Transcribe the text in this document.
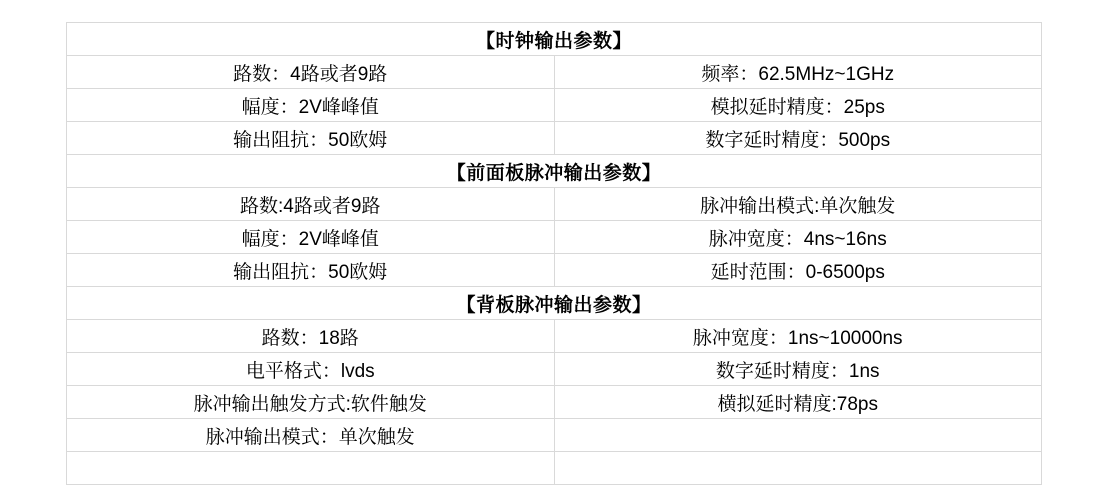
【时钟输出参数】	
路数：4路或者9路	频率：62.5MHz~1GHz
幅度：2V峰峰值	模拟延时精度：25ps
输出阻抗：50欧姆	数字延时精度：500ps
【前面板脉冲输出参数】	
路数:4路或者9路	脉冲输出模式:单次触发
幅度：2V峰峰值	脉冲宽度：4ns~16ns
输出阻抗：50欧姆	延时范围：0-6500ps
【背板脉冲输出参数】	
路数：18路	脉冲宽度：1ns~10000ns
电平格式：lvds	数字延时精度：1ns
脉冲输出触发方式:软件触发	横拟延时精度:78ps
脉冲输出模式：单次触发	
